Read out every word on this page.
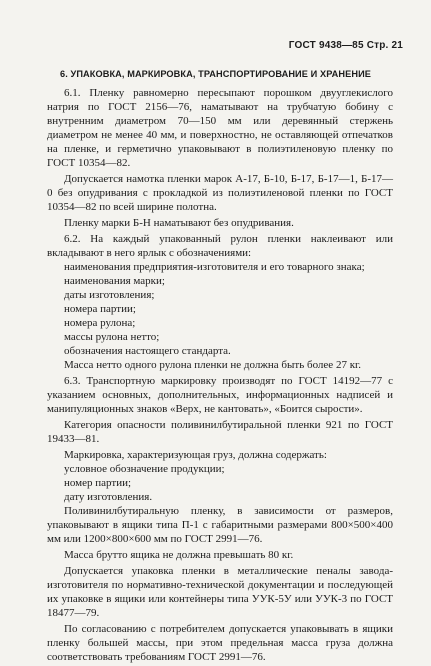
ГОСТ 9438—85 Стр. 21
6. УПАКОВКА, МАРКИРОВКА, ТРАНСПОРТИРОВАНИЕ И ХРАНЕНИЕ

6.1. Пленку равномерно пересыпают порошком двууглекислого натрия по ГОСТ 2156—76, наматывают на трубчатую бобину с внутренним диаметром 70—150 мм или деревянный стержень диаметром не менее 40 мм, и поверхностно, не оставляющей отпечатков на пленке, и герметично упаковывают в полиэтиленовую пленку по ГОСТ 10354—82.

Допускается намотка пленки марок А-17, Б-10, Б-17, Б-17—1, Б-17—0 без опудривания с прокладкой из полиэтиленовой пленки по ГОСТ 10354—82 по всей ширине полотна.

Пленку марки Б-Н наматывают без опудривания.

6.2. На каждый упакованный рулон пленки наклеивают или вкладывают в него ярлык с обозначениями:

наименования предприятия-изготовителя и его товарного знака;

наименования марки;

даты изготовления;

номера партии;

номера рулона;

массы рулона нетто;

обозначения настоящего стандарта.

Масса нетто одного рулона пленки не должна быть более 27 кг.

6.3. Транспортную маркировку производят по ГОСТ 14192—77 с указанием основных, дополнительных, информационных надписей и манипуляционных знаков «Верх, не кантовать», «Боится сырости».

Категория опасности поливинилбутиральной пленки 921 по ГОСТ 19433—81.

Маркировка, характеризующая груз, должна содержать:

условное обозначение продукции;

номер партии;

дату изготовления.

Поливинилбутиральную пленку, в зависимости от размеров, упаковывают в ящики типа П-1 с габаритными размерами 800×500×400 мм или 1200×800×600 мм по ГОСТ 2991—76.

Масса брутто ящика не должна превышать 80 кг.

Допускается упаковка пленки в металлические пеналы завода-изготовителя по нормативно-технической документации и последующей их упаковке в ящики или контейнеры типа УУК-5У или УУК-3 по ГОСТ 18477—79.

По согласованию с потребителем допускается упаковывать в ящики пленку большей массы, при этом предельная масса груза должна соответствовать требованиям ГОСТ 2991—76.
